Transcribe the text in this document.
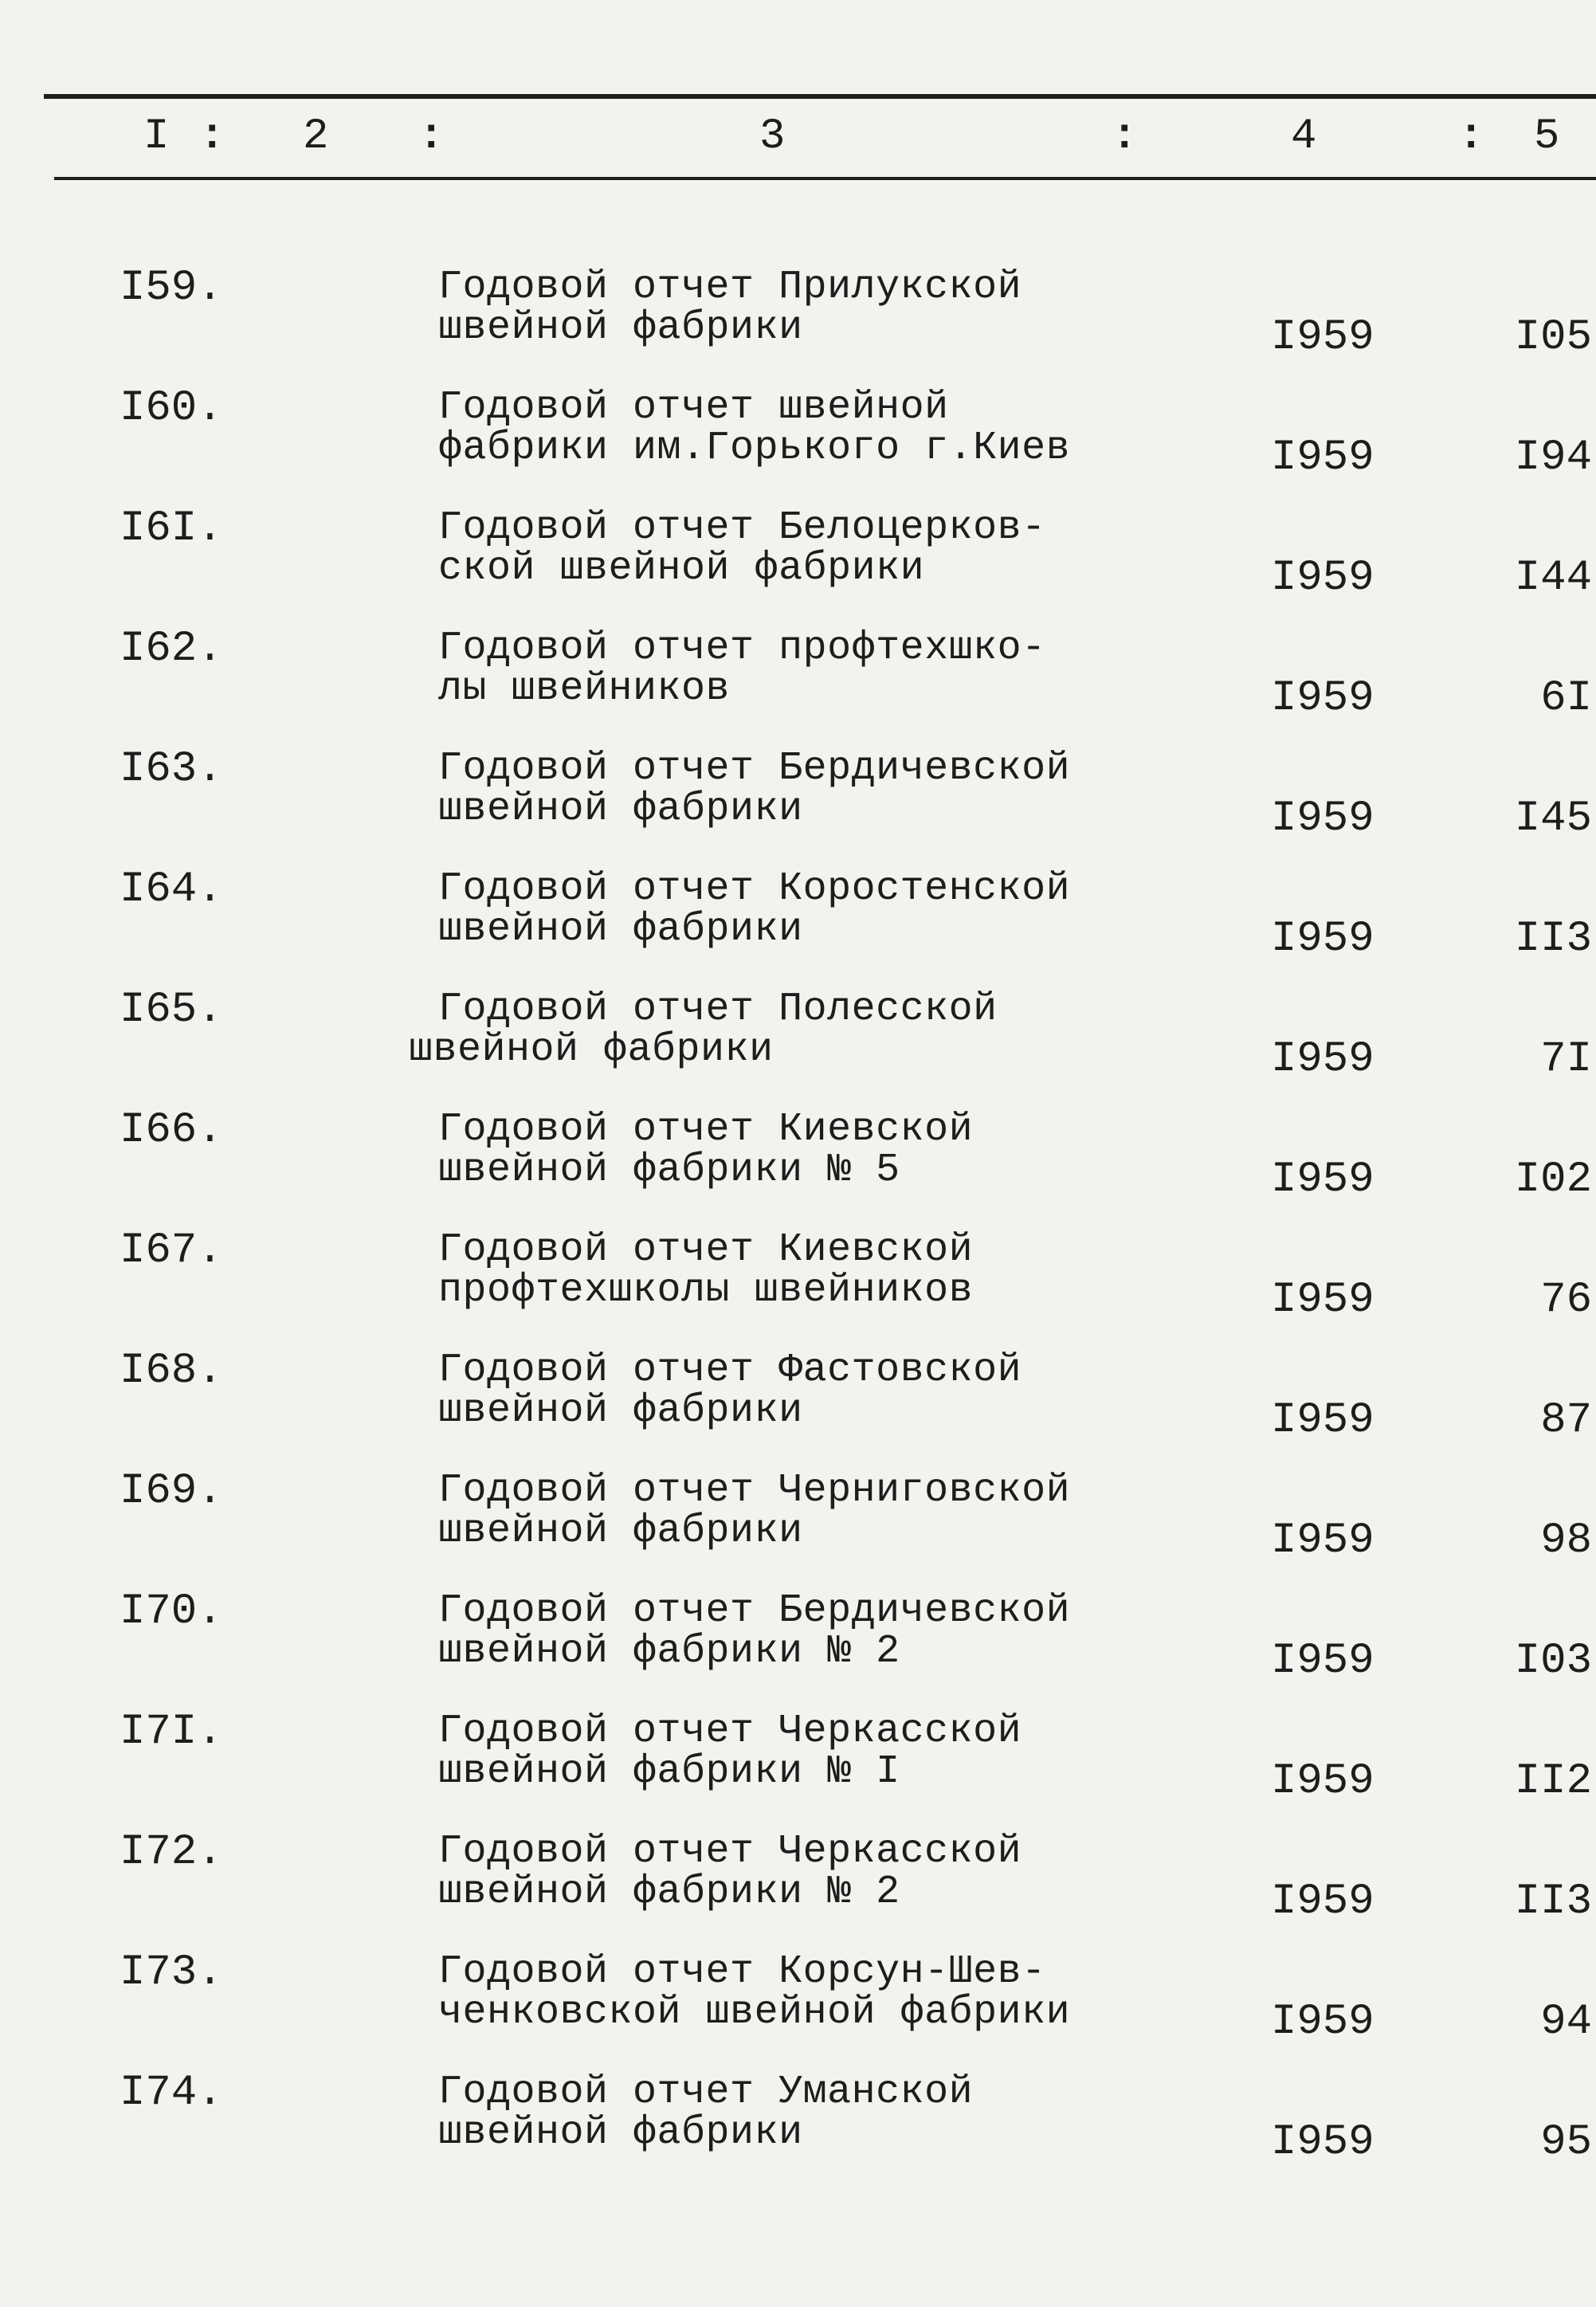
I : 2 :	3	:	4	: 5
I59.	Годовой отчет Прилукской
швейной фабрики	I959	I05
I60.	Годовой отчет швейной
фабрики им.Горького г.Киев	I959	I94
I6I.	Годовой отчет Белоцерков-
ской швейной фабрики	I959	I44
I62.	Годовой отчет профтехшко-
лы швейников	I959	6I
I63.	Годовой отчет Бердичевской
швейной фабрики	I959	I45
I64.	Годовой отчет Коростенской
швейной фабрики	I959	II3
I65.	Годовой отчет Полесской
швейной фабрики	I959	7I
I66.	Годовой отчет Киевской
швейной фабрики № 5	I959	I02
I67.	Годовой отчет Киевской
профтехшколы швейников	I959	76
I68.	Годовой отчет Фастовской
швейной фабрики	I959	87
I69.	Годовой отчет Черниговской
швейной фабрики	I959	98
I70.	Годовой отчет Бердичевской
швейной фабрики № 2	I959	I03
I7I.	Годовой отчет Черкасской
швейной фабрики № I	I959	II2
I72.	Годовой отчет Черкасской
швейной фабрики № 2	I959	II3
I73.	Годовой отчет Корсун-Шев-
ченковской швейной фабрики	I959	94
I74.	Годовой отчет Уманской
швейной фабрики	I959	95
